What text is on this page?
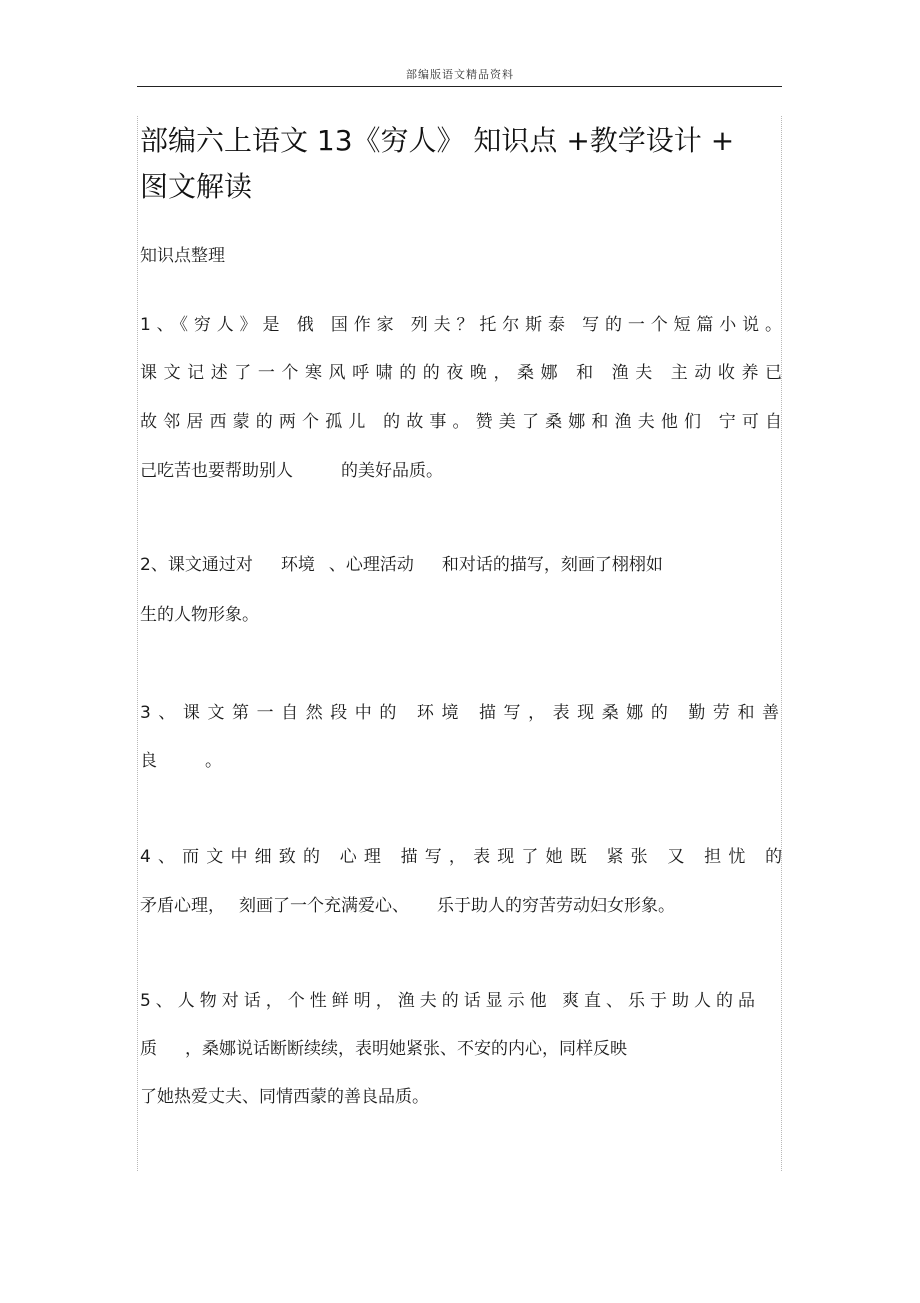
部编版语文精品资料
部编六上语文 13《穷人》 知识点 +教学设计 +
图文解读
知识点整理
1、《穷人》是 俄 国作家 列夫？托尔斯泰 写的一个短篇小说。
课文记述了一个寒风呼啸的的夜晚，桑娜 和 渔夫 主动收养已
故邻居西蒙的两个孤儿 的故事。赞美了桑娜和渔夫他们 宁可自
己吃苦也要帮助别人	的美好品质。
2、课文通过对 环境 、心理活动 和对话的描写，刻画了栩栩如
生的人物形象。
3、课文第一自然段中的 环境 描写，表现桑娜的 勤劳和善
良	。
4、而文中细致的 心理 描写，表现了她既 紧张 又 担忧 的
矛盾心理， 刻画了一个充满爱心、 乐于助人的穷苦劳动妇女形象。
5、人物对话，个性鲜明，渔夫的话显示他 爽直、乐于助人的品
质 ，桑娜说话断断续续，表明她紧张、不安的内心，同样反映
了她热爱丈夫、同情西蒙的善良品质。
